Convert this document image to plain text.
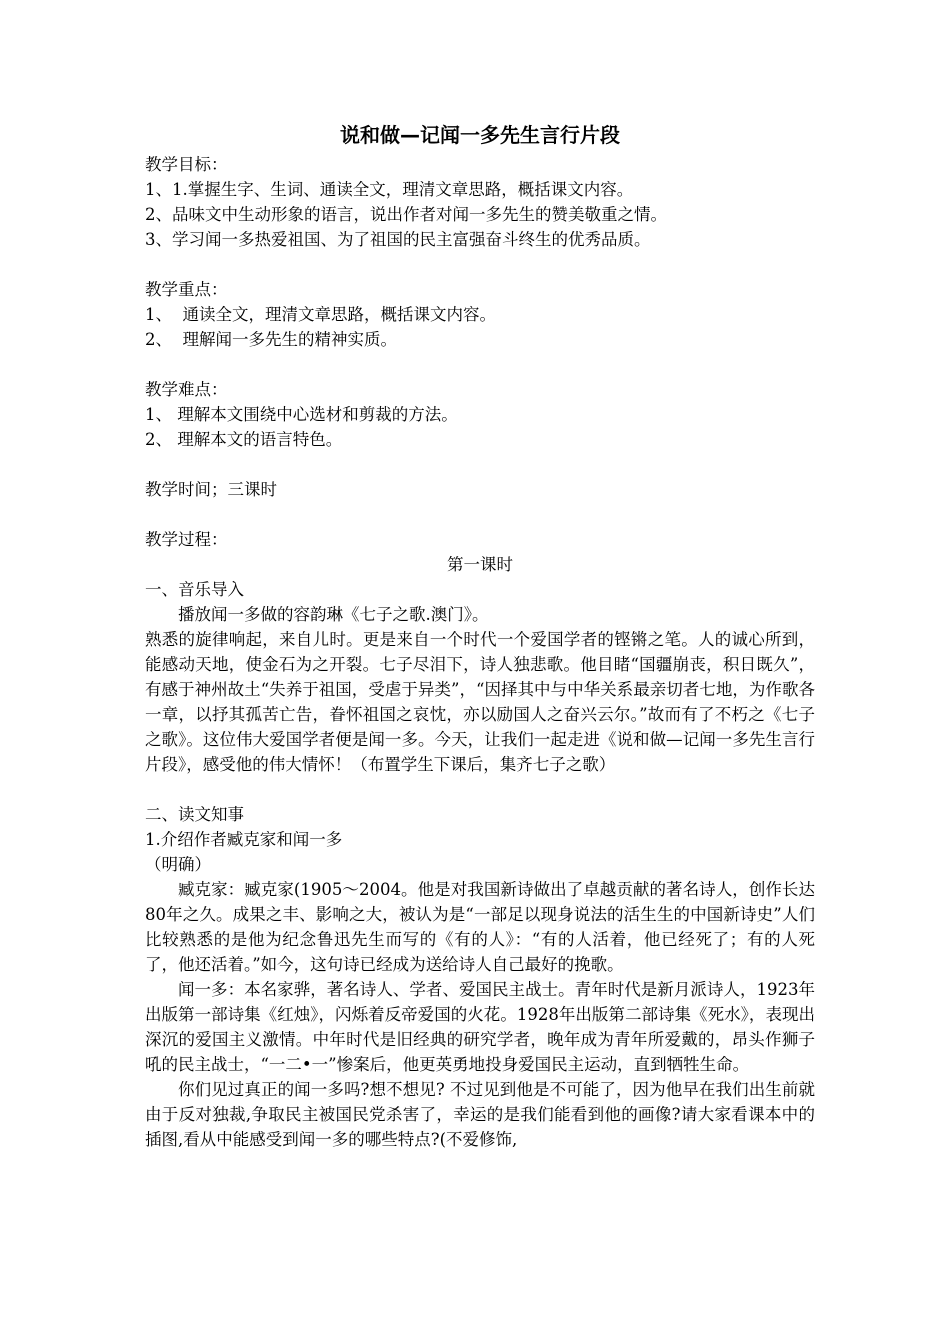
说和做—记闻一多先生言行片段
教学目标：
1、1.掌握生字、生词、通读全文，理清文章思路，概括课文内容。
2、品味文中生动形象的语言，说出作者对闻一多先生的赞美敬重之情。
3、学习闻一多热爱祖国、为了祖国的民主富强奋斗终生的优秀品质。
教学重点：
1、  通读全文，理清文章思路，概括课文内容。
2、  理解闻一多先生的精神实质。
教学难点：
1、 理解本文围绕中心选材和剪裁的方法。
2、 理解本文的语言特色。
教学时间；三课时
教学过程：
第一课时
一、音乐导入
播放闻一多做的容韵琳《七子之歌.澳门》。
熟悉的旋律响起，来自儿时。更是来自一个时代一个爱国学者的铿锵之笔。人的诚心所到，能感动天地，使金石为之开裂。七子尽泪下，诗人独悲歌。他目睹“国疆崩丧，积日既久”，有感于神州故土“失养于祖国，受虐于异类”，“因择其中与中华关系最亲切者七地，为作歌各一章，以抒其孤苦亡告，眷怀祖国之哀忱，亦以励国人之奋兴云尔。”故而有了不朽之《七子之歌》。这位伟大爱国学者便是闻一多。今天，让我们一起走进《说和做—记闻一多先生言行片段》，感受他的伟大情怀！（布置学生下课后，集齐七子之歌）
二、读文知事
1.介绍作者臧克家和闻一多
（明确）
臧克家：臧克家(1905～2004。他是对我国新诗做出了卓越贡献的著名诗人，创作长达80年之久。成果之丰、影响之大，被认为是“一部足以现身说法的活生生的中国新诗史”人们比较熟悉的是他为纪念鲁迅先生而写的《有的人》：“有的人活着，他已经死了；有的人死了，他还活着。”如今，这句诗已经成为送给诗人自己最好的挽歌。
闻一多：本名家骅，著名诗人、学者、爱国民主战士。青年时代是新月派诗人，1923年出版第一部诗集《红烛》，闪烁着反帝爱国的火花。1928年出版第二部诗集《死水》，表现出深沉的爱国主义激情。中年时代是旧经典的研究学者，晚年成为青年所爱戴的，昂头作狮子吼的民主战士，“一二•一”惨案后，他更英勇地投身爱国民主运动，直到牺牲生命。
你们见过真正的闻一多吗?想不想见? 不过见到他是不可能了，因为他早在我们出生前就由于反对独裁,争取民主被国民党杀害了，幸运的是我们能看到他的画像?请大家看课本中的插图,看从中能感受到闻一多的哪些特点?(不爱修饰,
